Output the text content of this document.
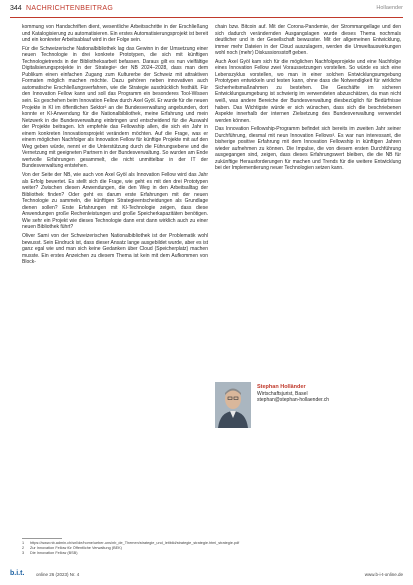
344 NACHRICHTENBEITRAG	Hollaender

kommung von Handschriften dient, wesentliche Arbeitsschritte in der Erschließung und Katalogisierung zu automatisieren. Ein erstes Automatisierungsprojekt ist bereit und ein konkreter Arbeitsablauf wird in der Folge sein.

Für die Schweizerische Nationalbibliothek lag das Gewinn in der Umsetzung einer neuen Technologie in drei konkrete Prototypen, die sich mit künftigen Technologietrends in der Bibliotheksarbeit befassen. Daraus gilt es nun vielfältige Digitalisierungsprojekte in der Strategie¹ der NB 2024–2028, dass man dem Publikum einen einfachen Zugang zum Kulturerbe der Schweiz mit attraktiven Formaten möglich machen möchte. Dazu gehören neben innovativen auch automatische Erschließungsverfahren, wie die Strategie ausdrücklich festhält. Für den Innovation Fellow kann und soll das Programm ein besonderes Tool-Wissen sein. Es geschehen beim Innovation Fellow durch Axel Gyöl. Er wurde für die neuen Projekte in KI im öffentlichen Sektor² an die Bundesverwaltung angebunden, dort konnte er KI-Anwendung für die Nationalbibliothek, meine Erfahrung und mein Netzwerk in die Bundesverwaltung einbringen und entscheidend für die Auswahl der Projekte beitragen. Ich empfehle das Fellowship allen, die sich ein Jahr in einem konkreten Innovationsprojekt verändern möchten. Auf die Frage, was er einem möglichen Nachfolger als Innovation Fellow für künftige Projekte mit auf den Weg geben würde, nennt er die Unterstützung durch die Führungsebene und die Vernetzung mit geeigneten Partnern in der Bundesverwaltung. So wurden am Ende wertvolle Erfahrungen gesammelt, die nicht unmittelbar in der IT der Bundesverwaltung entstehen.

Von der Seite der NB, wie auch von Axel Gyöl als Innovation Fellow wird das Jahr als Erfolg bewertet. Es stellt sich die Frage, wie geht es mit den drei Prototypen weiter? Zwischen diesen Anwendungen, die den Weg in den Arbeitsalltag der Bibliothek finden? Oder geht es darum erste Erfahrungen mit der neuen Technologie zu sammeln, die künftigen Strategieentscheidungen als Grundlage dienen sollen? Erste Erfahrungen mit KI-Technologie zeigen, dass diese Anwendungen große Rechenleistungen und große Speicherkapazitäten benötigen. Wie sehr ein Projekt wie dieses Technologie dann erst dann wirklich auch zu einer neuen Bibliothek führt?

Oliver Sami von der Schweizerischen Nationalbibliothek ist der Problematik wohl bewusst. Sein Eindruck ist, dass dieser Ansatz lange ausgebildet wurde, aber es ist ganz egal wie und man sich keine Gedanken über Cloud (Speicherplatz) machen musste. Ein erstes Anzeichen zu diesem Thema ist kein mit dem Aufkommen von Block-

chain bzw. Bitcoin auf. Mit der Corona-Pandemie, der Strommangellage und den sich dadurch verändernden Ausgangslagen wurde dieses Thema nochmals deutlicher und in der Gesellschaft bewusster. Mit der allgemeinen Entwicklung, immer mehr Dateien in der Cloud auszulagern, werden die Umweltauswirkungen wohl noch (mehr) Diskussionsstoff geben.

Auch Axel Gyöl kam sich für die möglichen Nachfolgeprojekte und eine Nachfolge eines Innovation Fellow zwei Voraussetzungen vorstellen. So würde es sich eine Lebenszyklus vorstellen, wo man in einer solchen Entwicklungsumgebung Prototypen entwickeln und testen kann, ohne dass die Notwendigkeit für wirkliche Sicherheitsmaßnahmen zu bestehen. Die Geschäfte im sicheren Entwicklungsumgebung ist schwierig im verwendeten abzuschätzen, da man nicht weiß, was andere Bereiche der Bundesverwaltung diesbezüglich für Bedürfnisse haben. Das Wichtigste würde er sich wünschen, dass sich die beschriebenen Aspekte innerhalb der internen Zielsetzung des Bundesverwaltung verwendet werden können.

Das Innovation Fellowship-Programm befindet sich bereits im zweiten Jahr seiner Durchführung, diesmal mit neun Innovation Fellows³. Es war nun interessant, die bisherige positive Erfahrung mit dem Innovation Fellowship in künftigen Jahren wieder aufnehmen zu können. Die Impulse, die von diesem ersten Durchführung ausgegangen sind, zeigen, dass dieses Erfahrungswert bleiben, die die NB für zukünftige Herausforderungen für machen und Trends für die weitere Entwicklung bei der Implementierung neuer Technologien setzen kann.

Stephan Holländer
Wirtschaftsjurist, Basel
stephan@stephan-hollaender.ch
1 https://www.nb.admin.ch/snl/de/home/ueber-uns/nb_de_Themen/strategie_und_leitbild/strategie_strategie.html_strategie.pdf
2 Zur Innovation Fellow für Öffentliche Verwaltung (BEK)
3 Die Innovation Fellow (BSB)
b.i.t.	online 26 (2023) Nr. 4	www.b-i-t-online.de
